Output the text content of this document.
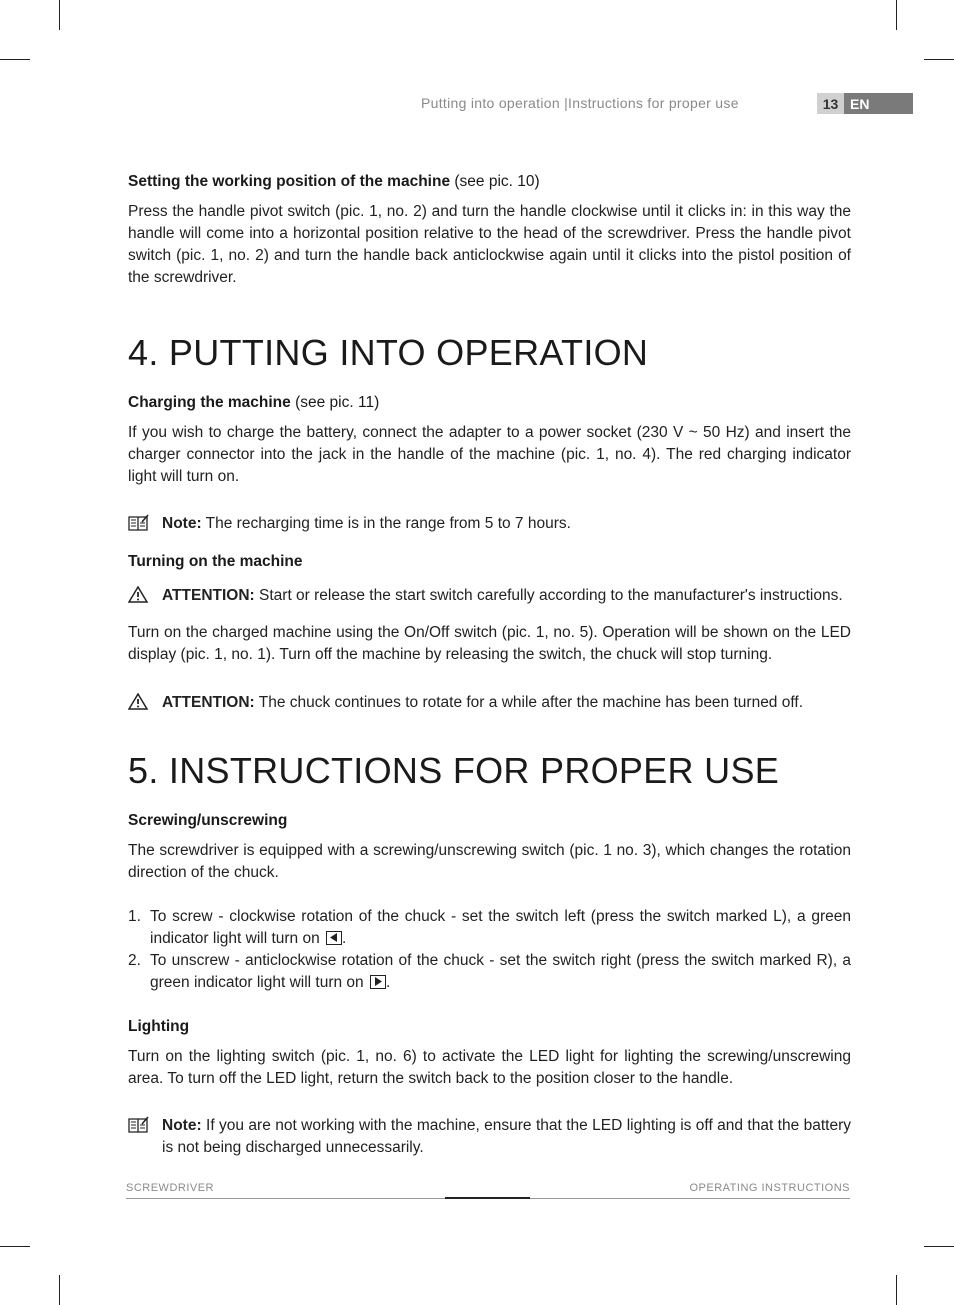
Putting into operation |Instructions for proper use	13 EN
Setting the working position of the machine (see pic. 10)

Press the handle pivot switch (pic. 1, no. 2) and turn the handle clockwise until it clicks in: in this way the handle will come into a horizontal position relative to the head of the screwdriver. Press the handle pivot switch (pic. 1, no. 2) and turn the handle back anticlockwise again until it clicks into the pistol position of the screwdriver.

4. PUTTING INTO OPERATION
Charging the machine (see pic. 11)

If you wish to charge the battery, connect the adapter to a power socket (230 V ~ 50 Hz) and insert the charger connector into the jack in the handle of the machine (pic. 1, no. 4). The red charging indicator light will turn on.

Note: The recharging time is in the range from 5 to 7 hours.
Turning on the machine
ATTENTION: Start or release the start switch carefully according to the manufacturer's instructions.

Turn on the charged machine using the On/Off switch (pic. 1, no. 5). Operation will be shown on the LED display (pic. 1, no. 1). Turn off the machine by releasing the switch, the chuck will stop turning.

ATTENTION: The chuck continues to rotate for a while after the machine has been turned off.
5. INSTRUCTIONS FOR PROPER USE
Screwing/unscrewing

The screwdriver is equipped with a screwing/unscrewing switch (pic. 1 no. 3), which changes the rotation direction of the chuck.

1. To screw - clockwise rotation of the chuck - set the switch left (press the switch marked L), a green indicator light will turn on .
2. To unscrew - anticlockwise rotation of the chuck - set the switch right (press the switch marked R), a green indicator light will turn on .
Lighting

Turn on the lighting switch (pic. 1, no. 6) to activate the LED light for lighting the screwing/unscrewing area. To turn off the LED light, return the switch back to the position closer to the handle.

Note: If you are not working with the machine, ensure that the LED lighting is off and that the battery is not being discharged unnecessarily.
SCREWDRIVER	OPERATING INSTRUCTIONS
